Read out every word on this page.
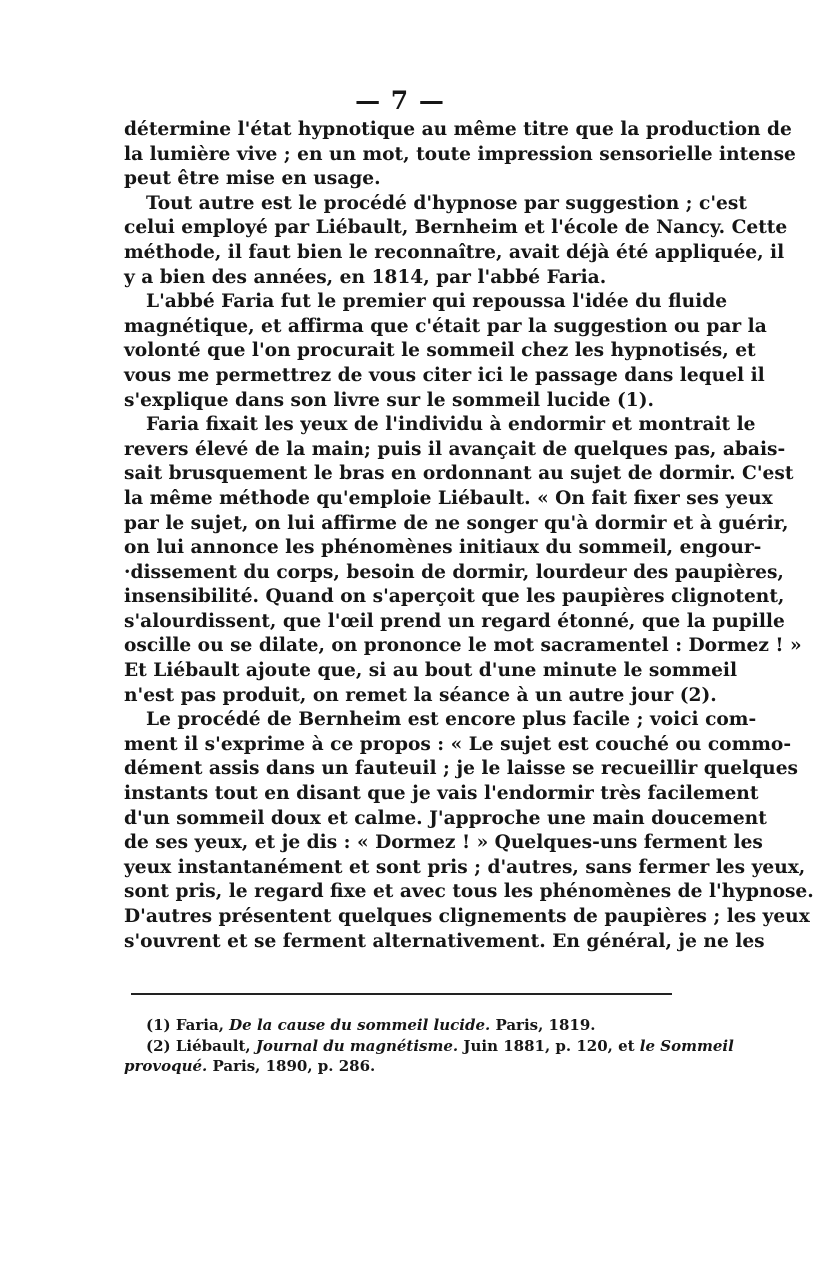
— 7 —
détermine l'état hypnotique au même titre que la production de
la lumière vive ; en un mot, toute impression sensorielle intense
peut être mise en usage.
Tout autre est le procédé d'hypnose par suggestion ; c'est
celui employé par Liébault, Bernheim et l'école de Nancy. Cette
méthode, il faut bien le reconnaître, avait déjà été appliquée, il
y a bien des années, en 1814, par l'abbé Faria.
L'abbé Faria fut le premier qui repoussa l'idée du fluide
magnétique, et affirma que c'était par la suggestion ou par la
volonté que l'on procurait le sommeil chez les hypnotisés, et
vous me permettrez de vous citer ici le passage dans lequel il
s'explique dans son livre sur le sommeil lucide (1).
Faria fixait les yeux de l'individu à endormir et montrait le
revers élevé de la main; puis il avançait de quelques pas, abais-
sait brusquement le bras en ordonnant au sujet de dormir. C'est
la même méthode qu'emploie Liébault. « On fait fixer ses yeux
par le sujet, on lui affirme de ne songer qu'à dormir et à guérir,
on lui annonce les phénomènes initiaux du sommeil, engour-
·dissement du corps, besoin de dormir, lourdeur des paupières,
insensibilité. Quand on s'aperçoit que les paupières clignotent,
s'alourdissent, que l'œil prend un regard étonné, que la pupille
oscille ou se dilate, on prononce le mot sacramentel : Dormez ! »
Et Liébault ajoute que, si au bout d'une minute le sommeil
n'est pas produit, on remet la séance à un autre jour (2).
Le procédé de Bernheim est encore plus facile ; voici com-
ment il s'exprime à ce propos : « Le sujet est couché ou commo-
dément assis dans un fauteuil ; je le laisse se recueillir quelques
instants tout en disant que je vais l'endormir très facilement
d'un sommeil doux et calme. J'approche une main doucement
de ses yeux, et je dis : « Dormez ! » Quelques-uns ferment les
yeux instantanément et sont pris ; d'autres, sans fermer les yeux,
sont pris, le regard fixe et avec tous les phénomènes de l'hypnose.
D'autres présentent quelques clignements de paupières ; les yeux
s'ouvrent et se ferment alternativement. En général, je ne les
(1) Faria, De la cause du sommeil lucide. Paris, 1819.
(2) Liébault, Journal du magnétisme. Juin 1881, p. 120, et le Sommeil
provoqué. Paris, 1890, p. 286.
